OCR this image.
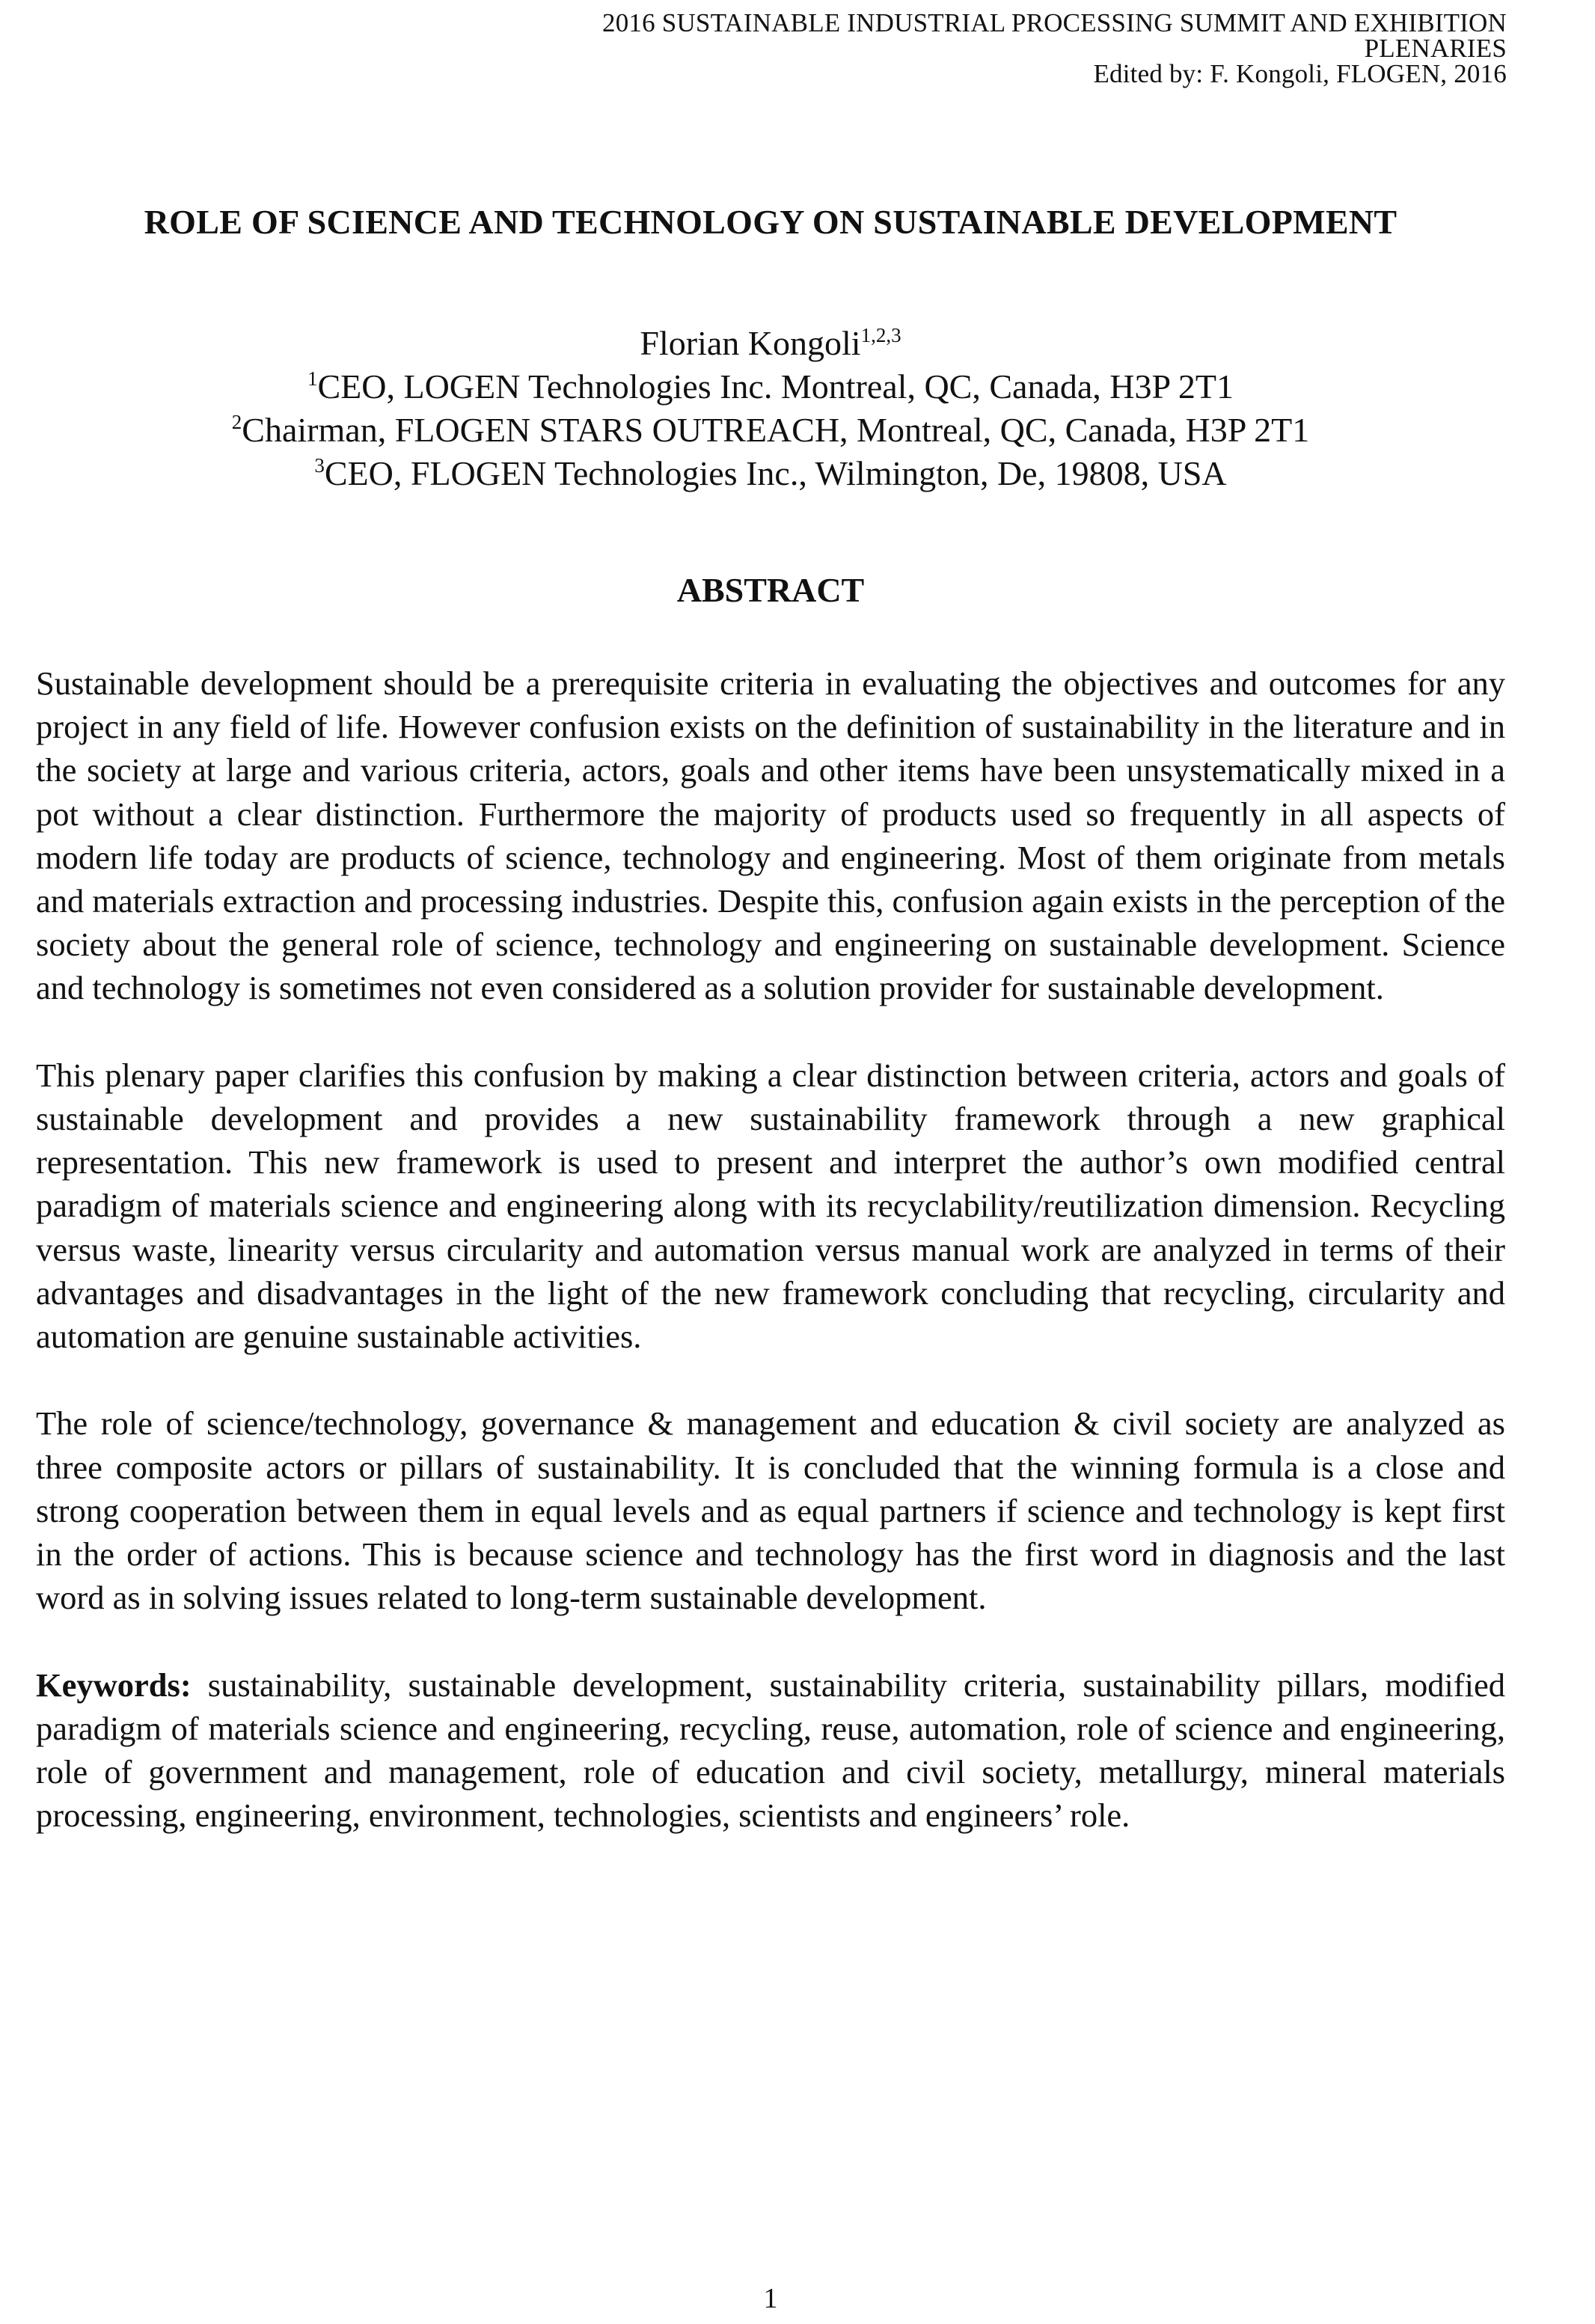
2016 SUSTAINABLE INDUSTRIAL PROCESSING SUMMIT AND EXHIBITION
PLENARIES
Edited by: F. Kongoli, FLOGEN, 2016
ROLE OF SCIENCE AND TECHNOLOGY ON SUSTAINABLE DEVELOPMENT
Florian Kongoli$^{1,2,3}$
$^1$CEO, LOGEN Technologies Inc. Montreal, QC, Canada, H3P 2T1
$^2$Chairman, FLOGEN STARS OUTREACH, Montreal, QC, Canada, H3P 2T1
$^3$CEO, FLOGEN Technologies Inc., Wilmington, De, 19808, USA
ABSTRACT

Sustainable development should be a prerequisite criteria in evaluating the objectives and outcomes for any project in any field of life. However confusion exists on the definition of sustainability in the literature and in the society at large and various criteria, actors, goals and other items have been unsystematically mixed in a pot without a clear distinction. Furthermore the majority of products used so frequently in all aspects of modern life today are products of science, technology and engineering. Most of them originate from metals and materials extraction and processing industries. Despite this, confusion again exists in the perception of the society about the general role of science, technology and engineering on sustainable development. Science and technology is sometimes not even considered as a solution provider for sustainable development.

This plenary paper clarifies this confusion by making a clear distinction between criteria, actors and goals of sustainable development and provides a new sustainability framework through a new graphical representation. This new framework is used to present and interpret the author’s own modified central paradigm of materials science and engineering along with its recyclability/reutilization dimension. Recycling versus waste, linearity versus circularity and automation versus manual work are analyzed in terms of their advantages and disadvantages in the light of the new framework concluding that recycling, circularity and automation are genuine sustainable activities.

The role of science/technology, governance & management and education & civil society are analyzed as three composite actors or pillars of sustainability. It is concluded that the winning formula is a close and strong cooperation between them in equal levels and as equal partners if science and technology is kept first in the order of actions. This is because science and technology has the first word in diagnosis and the last word as in solving issues related to long-term sustainable development.

Keywords: sustainability, sustainable development, sustainability criteria, sustainability pillars, modified paradigm of materials science and engineering, recycling, reuse, automation, role of science and engineering, role of government and management, role of education and civil society, metallurgy, mineral materials processing, engineering, environment, technologies, scientists and engineers’ role.

1
